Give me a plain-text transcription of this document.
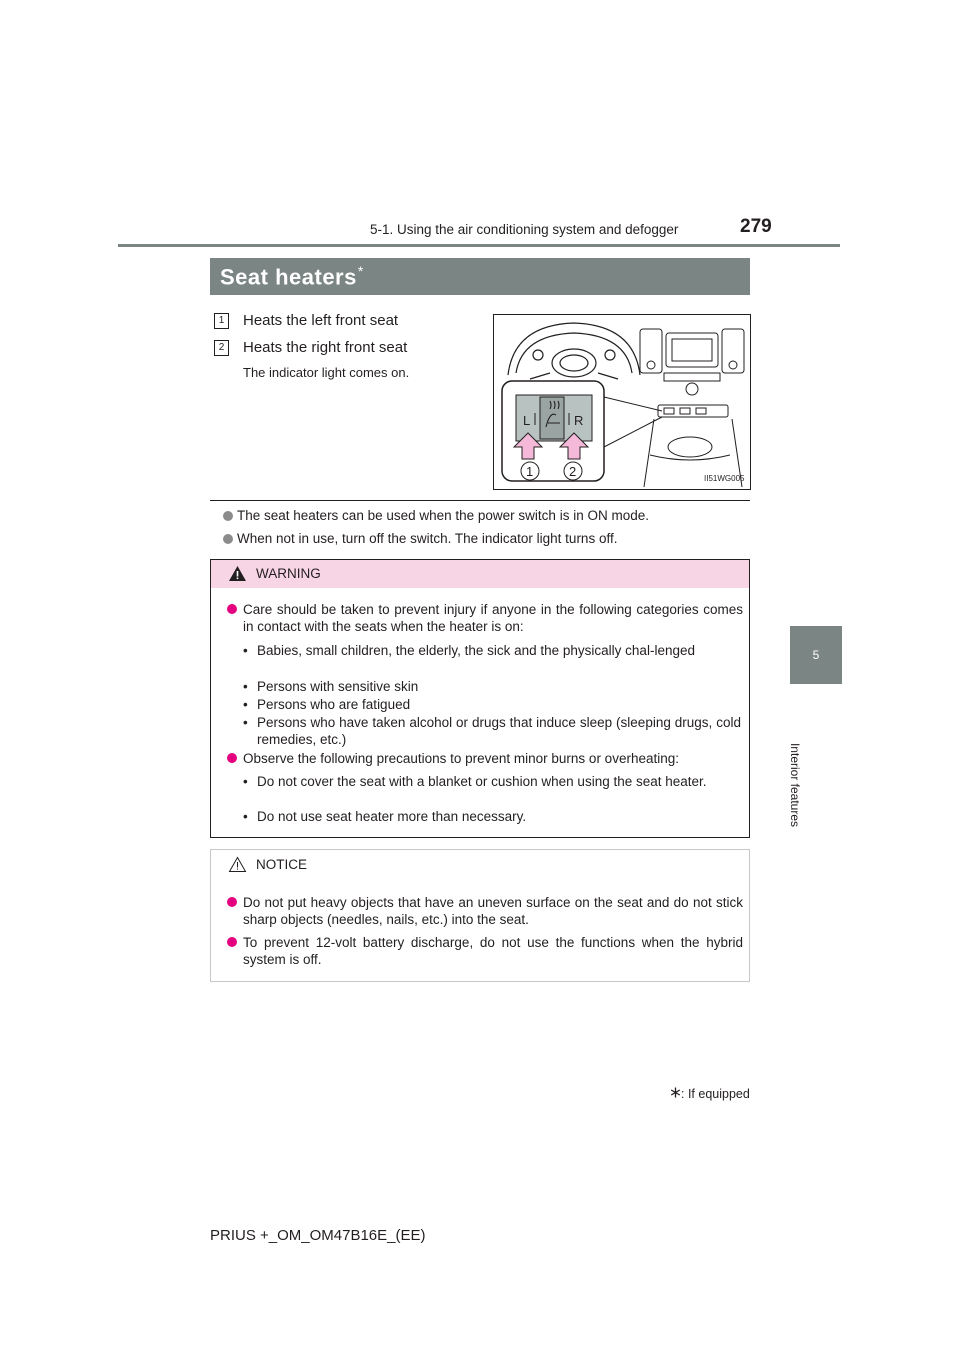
5-1. Using the air conditioning system and defogger	279
5
Interior features
Seat heaters*
1 Heats the left front seat
2 Heats the right front seat
The indicator light comes on.
L	R
1	2	II51WG005
The seat heaters can be used when the power switch is in ON mode.
When not in use, turn off the switch. The indicator light turns off.
WARNING
Care should be taken to prevent injury if anyone in the following categories comes in contact with the seats when the heater is on:
• Babies, small children, the elderly, the sick and the physically chal-lenged
• Persons with sensitive skin
• Persons who are fatigued
• Persons who have taken alcohol or drugs that induce sleep (sleeping drugs, cold remedies, etc.)
Observe the following precautions to prevent minor burns or overheating:
• Do not cover the seat with a blanket or cushion when using the seat heater.
• Do not use seat heater more than necessary.
NOTICE
Do not put heavy objects that have an uneven surface on the seat and do not stick sharp objects (needles, nails, etc.) into the seat.
To prevent 12-volt battery discharge, do not use the functions when the hybrid system is off.
: If equipped
PRIUS +_OM_OM47B16E_(EE)
